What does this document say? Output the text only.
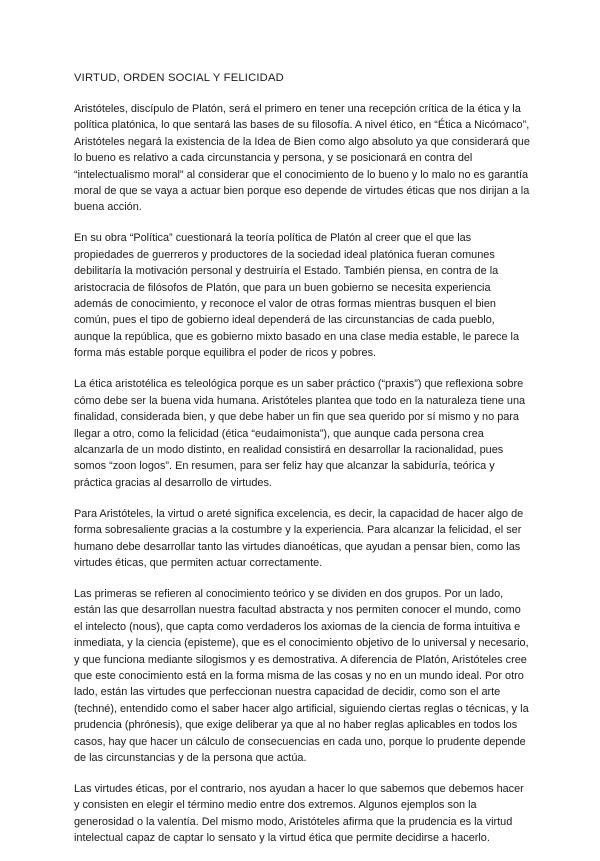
VIRTUD, ORDEN SOCIAL Y FELICIDAD

Aristóteles, discípulo de Platón, será el primero en tener una recepción crítica de la ética y la política platónica, lo que sentará las bases de su filosofía. A nivel ético, en “Ética a Nicómaco”, Aristóteles negará la existencia de la Idea de Bien como algo absoluto ya que considerará que lo bueno es relativo a cada circunstancia y persona, y se posicionará en contra del “intelectualismo moral” al considerar que el conocimiento de lo bueno y lo malo no es garantía moral de que se vaya a actuar bien porque eso depende de virtudes éticas que nos dirijan a la buena acción.

En su obra “Política” cuestionará la teoría política de Platón al creer que el que las propiedades de guerreros y productores de la sociedad ideal platónica fueran comunes debilitaría la motivación personal y destruiría el Estado. También piensa, en contra de la aristocracia de filósofos de Platón, que para un buen gobierno se necesita experiencia además de conocimiento, y reconoce el valor de otras formas mientras busquen el bien común, pues el tipo de gobierno ideal dependerá de las circunstancias de cada pueblo, aunque la república, que es gobierno mixto basado en una clase media estable, le parece la forma más estable porque equilibra el poder de ricos y pobres.

La ética aristotélica es teleológica porque es un saber práctico (“praxis”) que reflexiona sobre cómo debe ser la buena vida humana. Aristóteles plantea que todo en la naturaleza tiene una finalidad, considerada bien, y que debe haber un fin que sea querido por sí mismo y no para llegar a otro, como la felicidad (ética “eudaimonista”), que aunque cada persona crea alcanzarla de un modo distinto, en realidad consistirá en desarrollar la racionalidad, pues somos “zoon logos”. En resumen, para ser feliz hay que alcanzar la sabiduría, teórica y práctica gracias al desarrollo de virtudes.

Para Aristóteles, la virtud o areté significa excelencia, es decir, la capacidad de hacer algo de forma sobresaliente gracias a la costumbre y la experiencia. Para alcanzar la felicidad, el ser humano debe desarrollar tanto las virtudes dianoéticas, que ayudan a pensar bien, como las virtudes éticas, que permiten actuar correctamente.

Las primeras se refieren al conocimiento teórico y se dividen en dos grupos. Por un lado, están las que desarrollan nuestra facultad abstracta y nos permiten conocer el mundo, como el intelecto (nous), que capta como verdaderos los axiomas de la ciencia de forma intuitiva e inmediata, y la ciencia (episteme), que es el conocimiento objetivo de lo universal y necesario, y que funciona mediante silogismos y es demostrativa. A diferencia de Platón, Aristóteles cree que este conocimiento está en la forma misma de las cosas y no en un mundo ideal. Por otro lado, están las virtudes que perfeccionan nuestra capacidad de decidir, como son el arte (techné), entendido como el saber hacer algo artificial, siguiendo ciertas reglas o técnicas, y la prudencia (phrónesis), que exige deliberar ya que al no haber reglas aplicables en todos los casos, hay que hacer un cálculo de consecuencias en cada uno, porque lo prudente depende de las circunstancias y de la persona que actúa.

Las virtudes éticas, por el contrario, nos ayudan a hacer lo que sabemos que debemos hacer y consisten en elegir el término medio entre dos extremos. Algunos ejemplos son la generosidad o la valentía. Del mismo modo, Aristóteles afirma que la prudencia es la virtud intelectual capaz de captar lo sensato y la virtud ética que permite decidirse a hacerlo.
